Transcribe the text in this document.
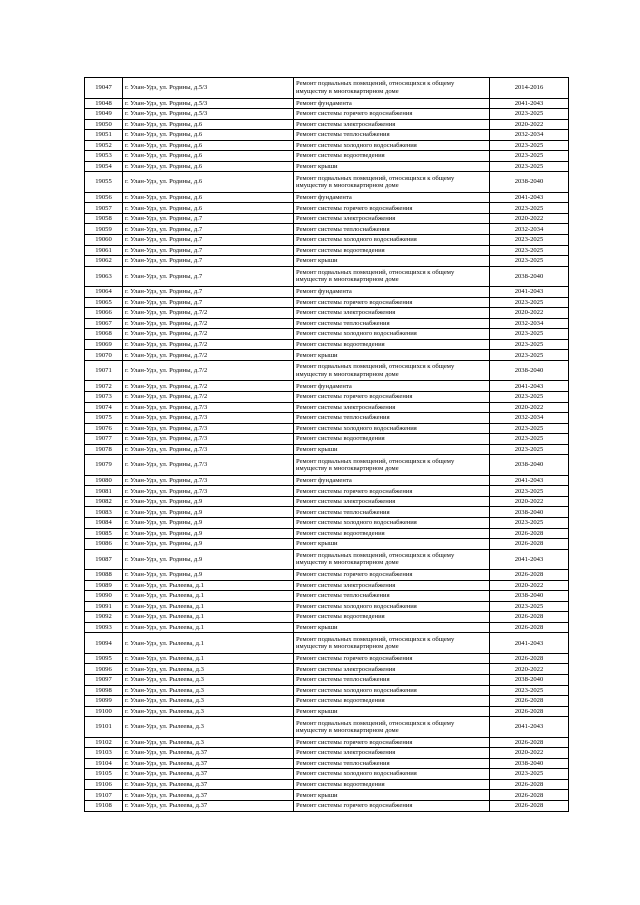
19047	г. Улан-Удэ, ул. Родины, д.5/3	Ремонт подвальных помещений, относящихся к общему имуществу в многоквартирном доме	2014-2016
19048	г. Улан-Удэ, ул. Родины, д.5/3	Ремонт фундамента	2041-2043
19049	г. Улан-Удэ, ул. Родины, д.5/3	Ремонт системы горячего водоснабжения	2023-2025
19050	г. Улан-Удэ, ул. Родины, д.6	Ремонт системы электроснабжения	2020-2022
19051	г. Улан-Удэ, ул. Родины, д.6	Ремонт системы теплоснабжения	2032-2034
19052	г. Улан-Удэ, ул. Родины, д.6	Ремонт системы холодного водоснабжения	2023-2025
19053	г. Улан-Удэ, ул. Родины, д.6	Ремонт системы водоотведения	2023-2025
19054	г. Улан-Удэ, ул. Родины, д.6	Ремонт крыши	2023-2025
19055	г. Улан-Удэ, ул. Родины, д.6	Ремонт подвальных помещений, относящихся к общему имуществу в многоквартирном доме	2038-2040
19056	г. Улан-Удэ, ул. Родины, д.6	Ремонт фундамента	2041-2043
19057	г. Улан-Удэ, ул. Родины, д.6	Ремонт системы горячего водоснабжения	2023-2025
19058	г. Улан-Удэ, ул. Родины, д.7	Ремонт системы электроснабжения	2020-2022
19059	г. Улан-Удэ, ул. Родины, д.7	Ремонт системы теплоснабжения	2032-2034
19060	г. Улан-Удэ, ул. Родины, д.7	Ремонт системы холодного водоснабжения	2023-2025
19061	г. Улан-Удэ, ул. Родины, д.7	Ремонт системы водоотведения	2023-2025
19062	г. Улан-Удэ, ул. Родины, д.7	Ремонт крыши	2023-2025
19063	г. Улан-Удэ, ул. Родины, д.7	Ремонт подвальных помещений, относящихся к общему имуществу в многоквартирном доме	2038-2040
19064	г. Улан-Удэ, ул. Родины, д.7	Ремонт фундамента	2041-2043
19065	г. Улан-Удэ, ул. Родины, д.7	Ремонт системы горячего водоснабжения	2023-2025
19066	г. Улан-Удэ, ул. Родины, д.7/2	Ремонт системы электроснабжения	2020-2022
19067	г. Улан-Удэ, ул. Родины, д.7/2	Ремонт системы теплоснабжения	2032-2034
19068	г. Улан-Удэ, ул. Родины, д.7/2	Ремонт системы холодного водоснабжения	2023-2025
19069	г. Улан-Удэ, ул. Родины, д.7/2	Ремонт системы водоотведения	2023-2025
19070	г. Улан-Удэ, ул. Родины, д.7/2	Ремонт крыши	2023-2025
19071	г. Улан-Удэ, ул. Родины, д.7/2	Ремонт подвальных помещений, относящихся к общему имуществу в многоквартирном доме	2038-2040
19072	г. Улан-Удэ, ул. Родины, д.7/2	Ремонт фундамента	2041-2043
19073	г. Улан-Удэ, ул. Родины, д.7/2	Ремонт системы горячего водоснабжения	2023-2025
19074	г. Улан-Удэ, ул. Родины, д.7/3	Ремонт системы электроснабжения	2020-2022
19075	г. Улан-Удэ, ул. Родины, д.7/3	Ремонт системы теплоснабжения	2032-2034
19076	г. Улан-Удэ, ул. Родины, д.7/3	Ремонт системы холодного водоснабжения	2023-2025
19077	г. Улан-Удэ, ул. Родины, д.7/3	Ремонт системы водоотведения	2023-2025
19078	г. Улан-Удэ, ул. Родины, д.7/3	Ремонт крыши	2023-2025
19079	г. Улан-Удэ, ул. Родины, д.7/3	Ремонт подвальных помещений, относящихся к общему имуществу в многоквартирном доме	2038-2040
19080	г. Улан-Удэ, ул. Родины, д.7/3	Ремонт фундамента	2041-2043
19081	г. Улан-Удэ, ул. Родины, д.7/3	Ремонт системы горячего водоснабжения	2023-2025
19082	г. Улан-Удэ, ул. Родины, д.9	Ремонт системы электроснабжения	2020-2022
19083	г. Улан-Удэ, ул. Родины, д.9	Ремонт системы теплоснабжения	2038-2040
19084	г. Улан-Удэ, ул. Родины, д.9	Ремонт системы холодного водоснабжения	2023-2025
19085	г. Улан-Удэ, ул. Родины, д.9	Ремонт системы водоотведения	2026-2028
19086	г. Улан-Удэ, ул. Родины, д.9	Ремонт крыши	2026-2028
19087	г. Улан-Удэ, ул. Родины, д.9	Ремонт подвальных помещений, относящихся к общему имуществу в многоквартирном доме	2041-2043
19088	г. Улан-Удэ, ул. Родины, д.9	Ремонт системы горячего водоснабжения	2026-2028
19089	г. Улан-Удэ, ул. Рылеева, д.1	Ремонт системы электроснабжения	2020-2022
19090	г. Улан-Удэ, ул. Рылеева, д.1	Ремонт системы теплоснабжения	2038-2040
19091	г. Улан-Удэ, ул. Рылеева, д.1	Ремонт системы холодного водоснабжения	2023-2025
19092	г. Улан-Удэ, ул. Рылеева, д.1	Ремонт системы водоотведения	2026-2028
19093	г. Улан-Удэ, ул. Рылеева, д.1	Ремонт крыши	2026-2028
19094	г. Улан-Удэ, ул. Рылеева, д.1	Ремонт подвальных помещений, относящихся к общему имуществу в многоквартирном доме	2041-2043
19095	г. Улан-Удэ, ул. Рылеева, д.1	Ремонт системы горячего водоснабжения	2026-2028
19096	г. Улан-Удэ, ул. Рылеева, д.3	Ремонт системы электроснабжения	2020-2022
19097	г. Улан-Удэ, ул. Рылеева, д.3	Ремонт системы теплоснабжения	2038-2040
19098	г. Улан-Удэ, ул. Рылеева, д.3	Ремонт системы холодного водоснабжения	2023-2025
19099	г. Улан-Удэ, ул. Рылеева, д.3	Ремонт системы водоотведения	2026-2028
19100	г. Улан-Удэ, ул. Рылеева, д.3	Ремонт крыши	2026-2028
19101	г. Улан-Удэ, ул. Рылеева, д.3	Ремонт подвальных помещений, относящихся к общему имуществу в многоквартирном доме	2041-2043
19102	г. Улан-Удэ, ул. Рылеева, д.3	Ремонт системы горячего водоснабжения	2026-2028
19103	г. Улан-Удэ, ул. Рылеева, д.37	Ремонт системы электроснабжения	2020-2022
19104	г. Улан-Удэ, ул. Рылеева, д.37	Ремонт системы теплоснабжения	2038-2040
19105	г. Улан-Удэ, ул. Рылеева, д.37	Ремонт системы холодного водоснабжения	2023-2025
19106	г. Улан-Удэ, ул. Рылеева, д.37	Ремонт системы водоотведения	2026-2028
19107	г. Улан-Удэ, ул. Рылеева, д.37	Ремонт крыши	2026-2028
19108	г. Улан-Удэ, ул. Рылеева, д.37	Ремонт системы горячего водоснабжения	2026-2028
